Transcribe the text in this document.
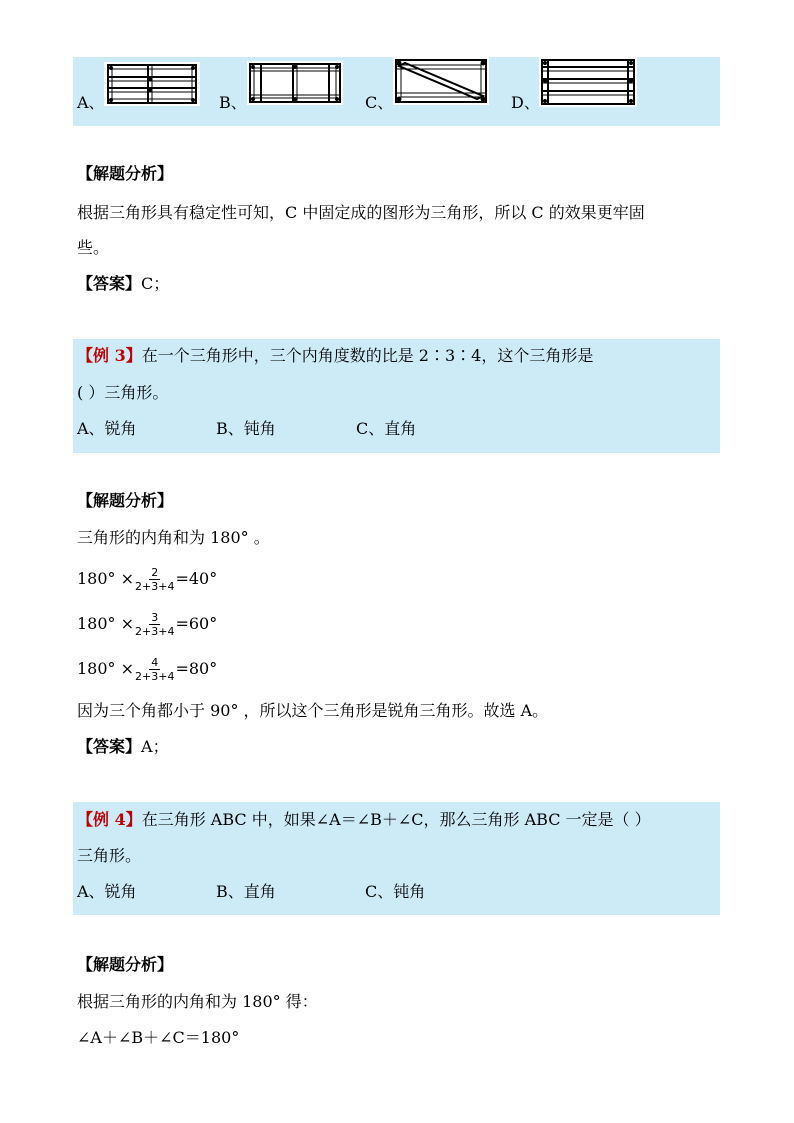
A、	B、	C、	D、
【解题分析】
根据三角形具有稳定性可知，C 中固定成的图形为三角形，所以 C 的效果更牢固
些。
【答案】C；
【例 3】在一个三角形中，三个内角度数的比是 2∶3∶4，这个三角形是
( ）三角形。
A、锐角	B、钝角	C、直角
【解题分析】
三角形的内角和为 180° 。
$180^\circ \times \frac{2}{2+3+4} =40^\circ$
$180^\circ \times \frac{3}{2+3+4} =60^\circ$
$180^\circ \times \frac{4}{2+3+4} =80^\circ$
因为三个角都小于 90° ，所以这个三角形是锐角三角形。故选 A。
【答案】A；
【例 4】在三角形 ABC 中，如果∠A＝∠B＋∠C，那么三角形 ABC 一定是（ ）
三角形。
A、锐角	B、直角	C、钝角
【解题分析】
根据三角形的内角和为 180° 得：
∠A＋∠B＋∠C＝180°
